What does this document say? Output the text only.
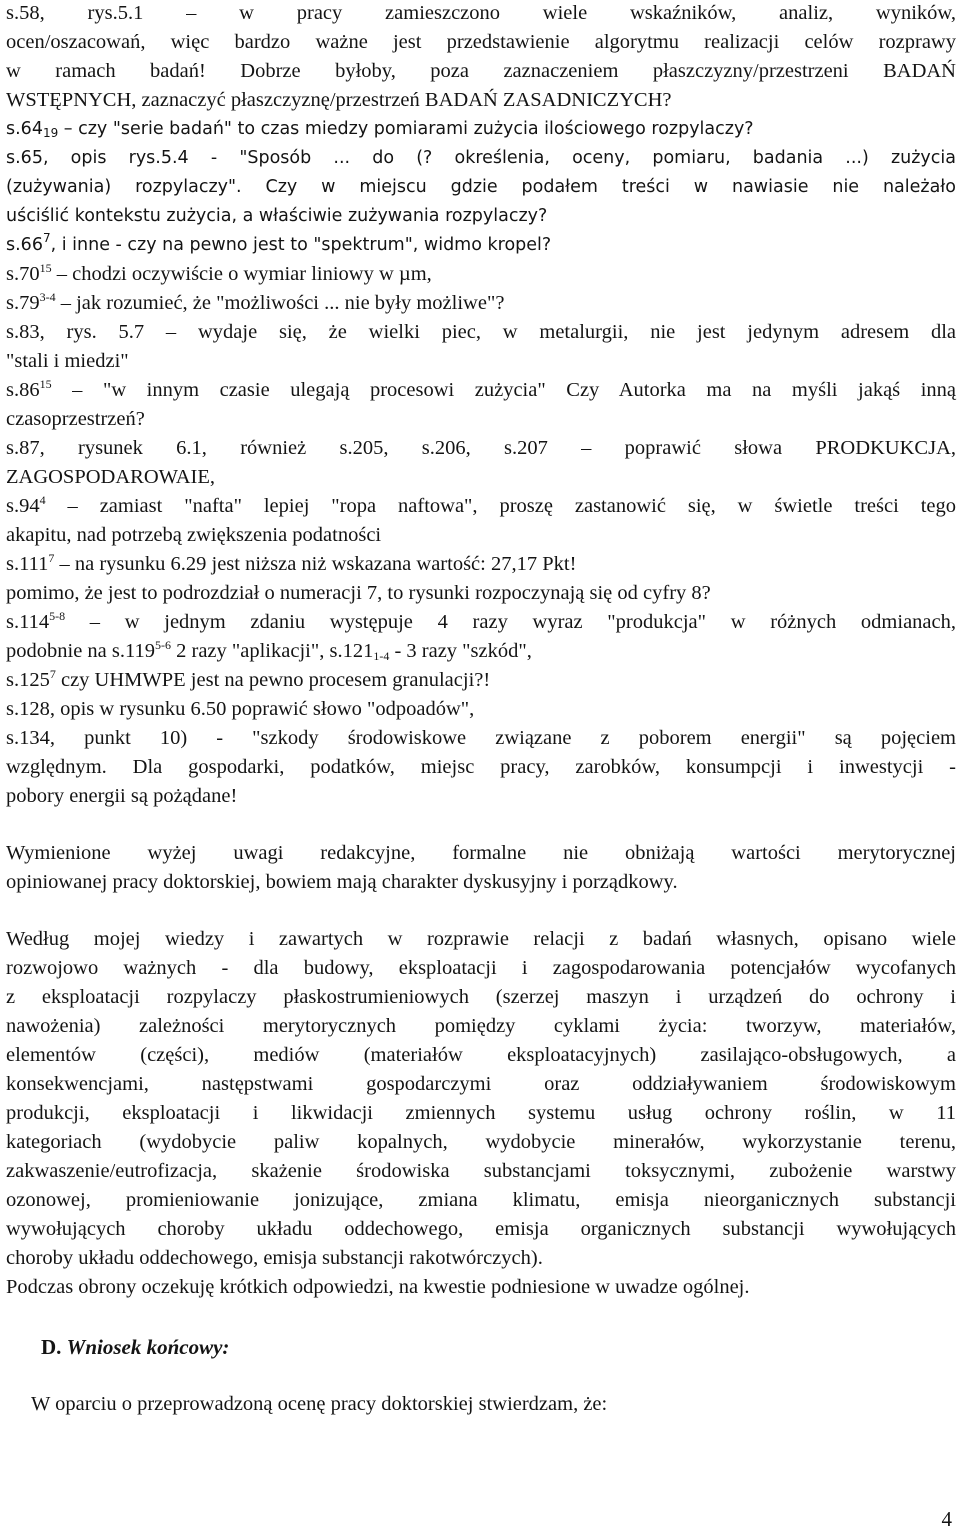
s.58, rys.5.1 – w pracy zamieszczono wiele wskaźników, analiz, wyników,
ocen/oszacowań, więc bardzo ważne jest przedstawienie algorytmu realizacji celów rozprawy
w ramach badań! Dobrze byłoby, poza zaznaczeniem płaszczyzny/przestrzeni BADAŃ
WSTĘPNYCH, zaznaczyć płaszczyznę/przestrzeń BADAŃ ZASADNICZYCH?
$s.64_{19}$ – czy "serie badań" to czas miedzy pomiarami zużycia ilościowego rozpylaczy?
s.65, opis rys.5.4 - "Sposób ... do (? określenia, oceny, pomiaru, badania ...) zużycia
(zużywania) rozpylaczy". Czy w miejscu gdzie podałem treści w nawiasie nie należało
uściślić kontekstu zużycia, a właściwie zużywania rozpylaczy?
$s.66^7$, i inne - czy na pewno jest to "spektrum", widmo kropel?
$s.70^{15}$ – chodzi oczywiście o wymiar liniowy w µm,
s.79$^{3-4}$ – jak rozumieć, że "możliwości ... nie były możliwe"?
s.83, rys. 5.7 – wydaje się, że wielki piec, w metalurgii, nie jest jedynym adresem dla
"stali i miedzi"
$s.86^{15}$ – "w innym czasie ulegają procesowi zużycia" Czy Autorka ma na myśli jakąś inną
czasoprzestrzeń?
s.87, rysunek 6.1, również s.205, s.206, s.207 – poprawić słowa PRODKUKCJA,
ZAGOSPODAROWAIE,
$s.94^4$ – zamiast "nafta" lepiej "ropa naftowa", proszę zastanowić się, w świetle treści tego
akapitu, nad potrzebą zwiększenia podatności
s.111$^7$ – na rysunku 6.29 jest niższa niż wskazana wartość: 27,17 Pkt!
pomimo, że jest to podrozdział o numeracji 7, to rysunki rozpoczynają się od cyfry 8?
s.114$^{5-8}$ – w jednym zdaniu występuje 4 razy wyraz "produkcja" w różnych odmianach,
podobnie na s.119$^{5-6}$ 2 razy "aplikacji", $s.121_{1-4} - 3$ razy "szkód",
s.125$^7$ czy UHMWPE jest na pewno procesem granulacji?!
s.128, opis w rysunku 6.50 poprawić słowo "odpoadów",
s.134, punkt 10) - "szkody środowiskowe związane z poborem energii" są pojęciem
względnym. Dla gospodarki, podatków, miejsc pracy, zarobków, konsumpcji i inwestycji -
pobory energii są pożądane!
Wymienione wyżej uwagi redakcyjne, formalne nie obniżają wartości merytorycznej
opiniowanej pracy doktorskiej, bowiem mają charakter dyskusyjny i porządkowy.
Według mojej wiedzy i zawartych w rozprawie relacji z badań własnych, opisano wiele
rozwojowo ważnych - dla budowy, eksploatacji i zagospodarowania potencjałów wycofanych
z eksploatacji rozpylaczy płaskostrumieniowych (szerzej maszyn i urządzeń do ochrony i
nawożenia) zależności merytorycznych pomiędzy cyklami życia: tworzyw, materiałów,
elementów (części), mediów (materiałów eksploatacyjnych) zasilająco-obsługowych, a
konsekwencjami, następstwami gospodarczymi oraz oddziaływaniem środowiskowym
produkcji, eksploatacji i likwidacji zmiennych systemu usług ochrony roślin, w 11
kategoriach (wydobycie paliw kopalnych, wydobycie minerałów, wykorzystanie terenu,
zakwaszenie/eutrofizacja, skażenie środowiska substancjami toksycznymi, zubożenie warstwy
ozonowej, promieniowanie jonizujące, zmiana klimatu, emisja nieorganicznych substancji
wywołujących choroby układu oddechowego, emisja organicznych substancji wywołujących
choroby układu oddechowego, emisja substancji rakotwórczych).
Podczas obrony oczekuję krótkich odpowiedzi, na kwestie podniesione w uwadze ogólnej.
D. Wniosek końcowy:
W oparciu o przeprowadzoną ocenę pracy doktorskiej stwierdzam, że:
4
